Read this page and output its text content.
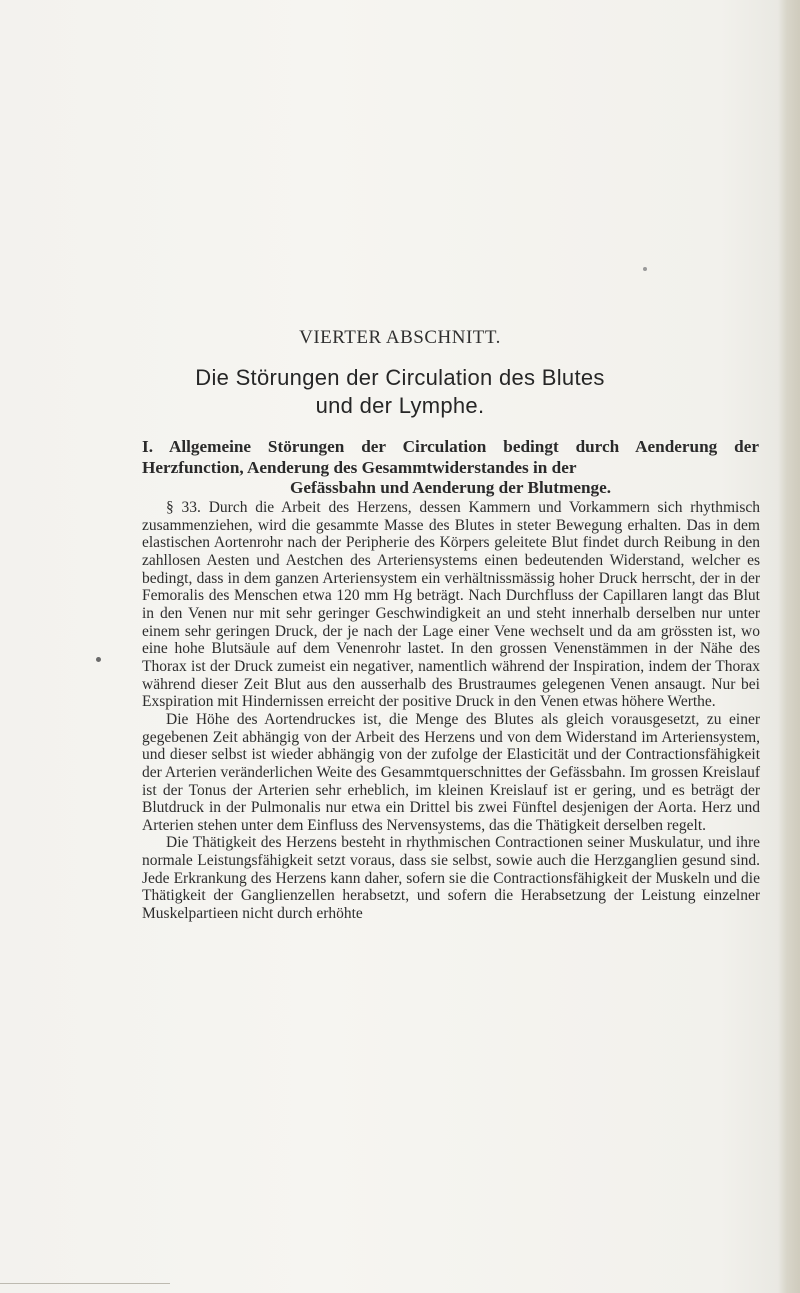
VIERTER ABSCHNITT.
Die Störungen der Circulation des Blutes
und der Lymphe.
I. Allgemeine Störungen der Circulation bedingt durch Aenderung der Herzfunction, Aenderung des Gesammtwiderstandes in der
Gefässbahn und Aenderung der Blutmenge.

§ 33. Durch die Arbeit des Herzens, dessen Kammern und Vorkammern sich rhythmisch zusammenziehen, wird die gesammte Masse des Blutes in steter Bewegung erhalten. Das in dem elastischen Aortenrohr nach der Peripherie des Körpers geleitete Blut findet durch Reibung in den zahllosen Aesten und Aestchen des Arteriensystems einen bedeutenden Widerstand, welcher es bedingt, dass in dem ganzen Arteriensystem ein verhältnissmässig hoher Druck herrscht, der in der Femoralis des Menschen etwa 120 mm Hg beträgt. Nach Durchfluss der Capillaren langt das Blut in den Venen nur mit sehr geringer Geschwindigkeit an und steht innerhalb derselben nur unter einem sehr geringen Druck, der je nach der Lage einer Vene wechselt und da am grössten ist, wo eine hohe Blutsäule auf dem Venenrohr lastet. In den grossen Venenstämmen in der Nähe des Thorax ist der Druck zumeist ein negativer, namentlich während der Inspiration, indem der Thorax während dieser Zeit Blut aus den ausserhalb des Brustraumes gelegenen Venen ansaugt. Nur bei Exspiration mit Hindernissen erreicht der positive Druck in den Venen etwas höhere Werthe.

Die Höhe des Aortendruckes ist, die Menge des Blutes als gleich vorausgesetzt, zu einer gegebenen Zeit abhängig von der Arbeit des Herzens und von dem Widerstand im Arteriensystem, und dieser selbst ist wieder abhängig von der zufolge der Elasticität und der Contractionsfähigkeit der Arterien veränderlichen Weite des Gesammtquerschnittes der Gefässbahn. Im grossen Kreislauf ist der Tonus der Arterien sehr erheblich, im kleinen Kreislauf ist er gering, und es beträgt der Blutdruck in der Pulmonalis nur etwa ein Drittel bis zwei Fünftel desjenigen der Aorta. Herz und Arterien stehen unter dem Einfluss des Nervensystems, das die Thätigkeit derselben regelt.

Die Thätigkeit des Herzens besteht in rhythmischen Contractionen seiner Muskulatur, und ihre normale Leistungsfähigkeit setzt voraus, dass sie selbst, sowie auch die Herzganglien gesund sind. Jede Erkrankung des Herzens kann daher, sofern sie die Contractionsfähigkeit der Muskeln und die Thätigkeit der Ganglienzellen herabsetzt, und sofern die Herabsetzung der Leistung einzelner Muskelpartieen nicht durch erhöhte
